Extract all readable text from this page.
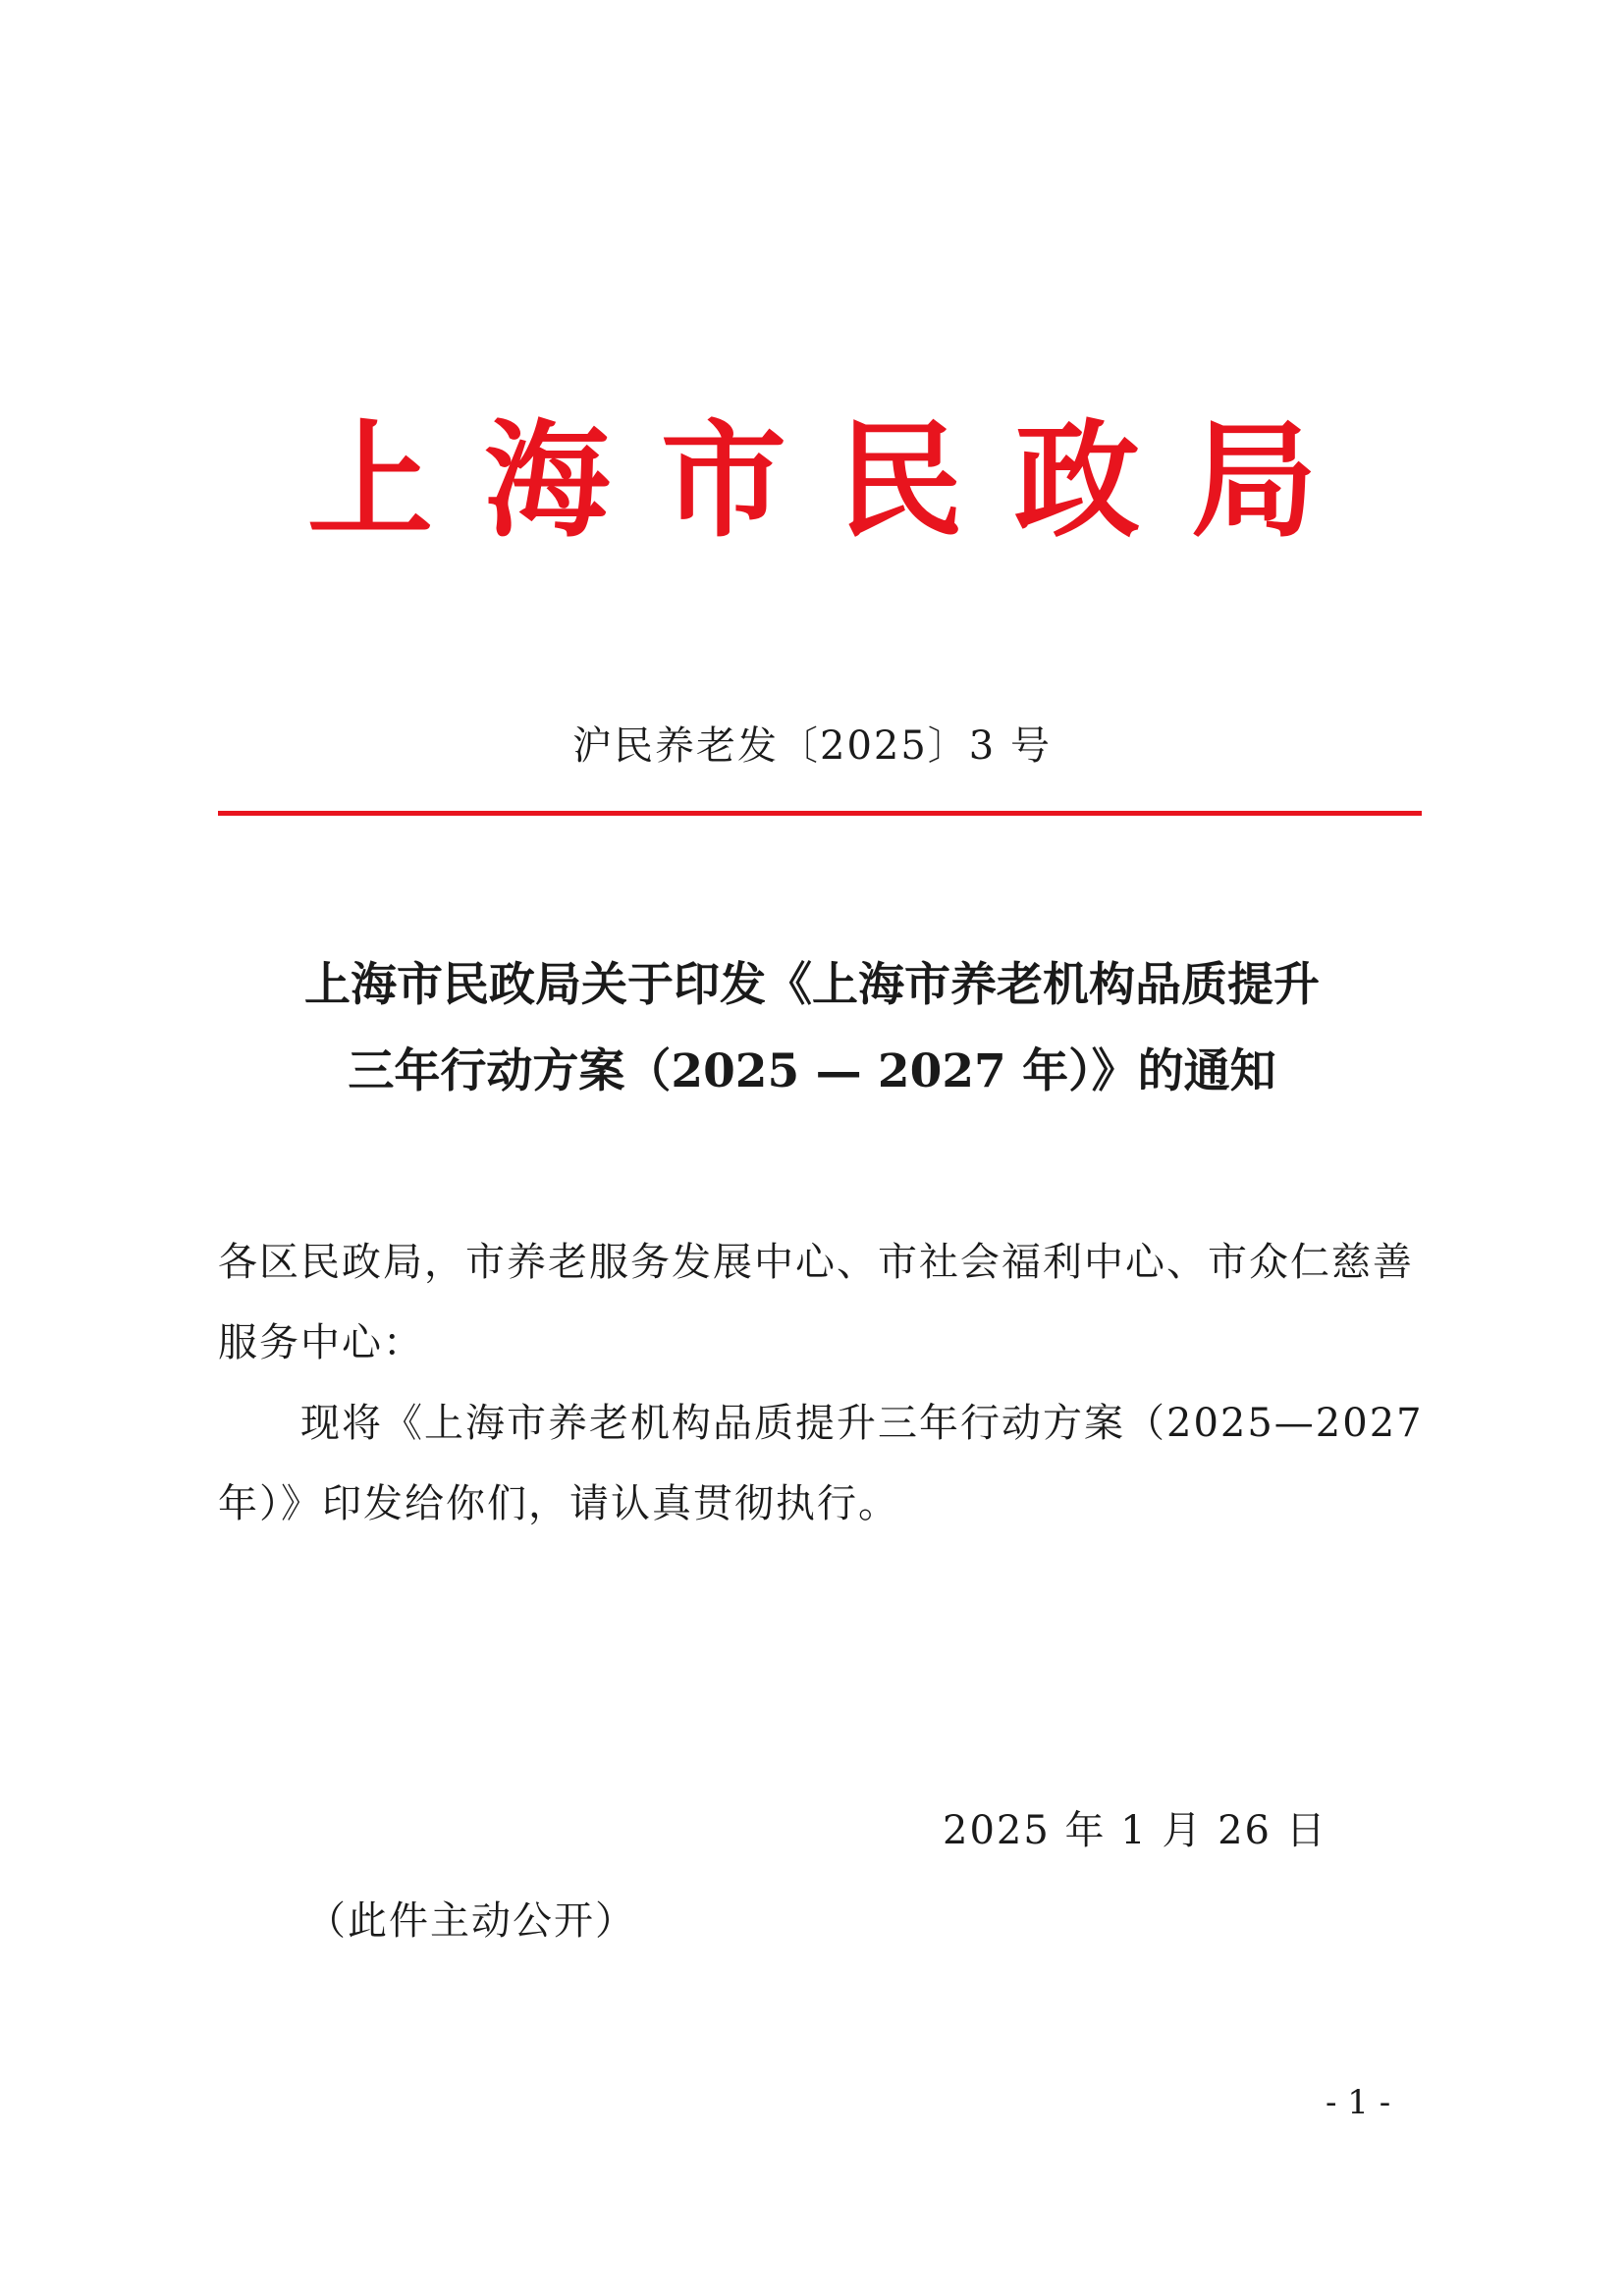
上海市民政局
沪民养老发〔2025〕3 号
上海市民政局关于印发《上海市养老机构品质提升
三年行动方案（2025 — 2027 年）》的通知
各区民政局，市养老服务发展中心、市社会福利中心、市众仁慈善
服务中心：
现将《上海市养老机构品质提升三年行动方案（2025—2027
年）》印发给你们，请认真贯彻执行。
2025 年 1 月 26 日
（此件主动公开）
- 1 -
